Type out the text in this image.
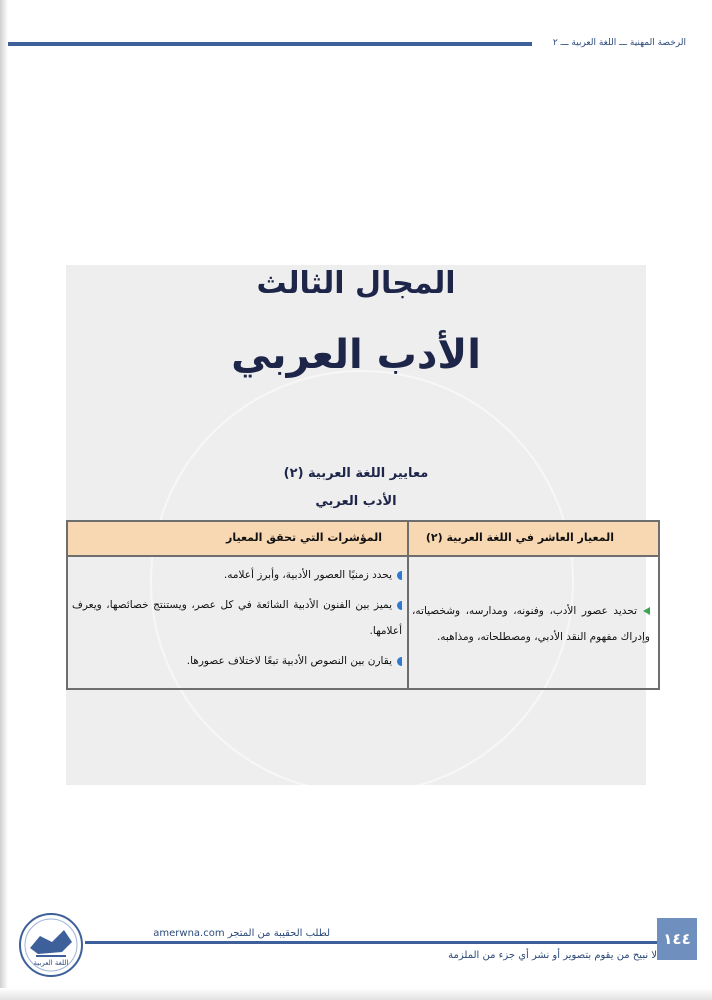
الرخصة المهنية ـــ اللغة العربية ـــ ٢
المجال الثالث
الأدب العربي
معايير اللغة العربية (٢)
الأدب العربي
المعيار العاشر في اللغة العربية (٢)
المؤشرات التي تحقق المعيار
تحديد عصور الأدب، وفنونه، ومدارسه، وشخصياته، وإدراك مفهوم النقد الأدبي، ومصطلحاته، ومذاهبه.
يحدد زمنيًا العصور الأدبية، وأبرز أعلامه.
يميز بين الفنون الأدبية الشائعة في كل عصر، ويستنتج خصائصها، ويعرف أعلامها.
يقارن بين النصوص الأدبية تبعًا لاختلاف عصورها.
اللغة العربية
لطلب الحقيبة من المتجر amerwna.com
لا نبيح من يقوم بتصوير أو نشر أي جزء من الملزمة
١٤٤
